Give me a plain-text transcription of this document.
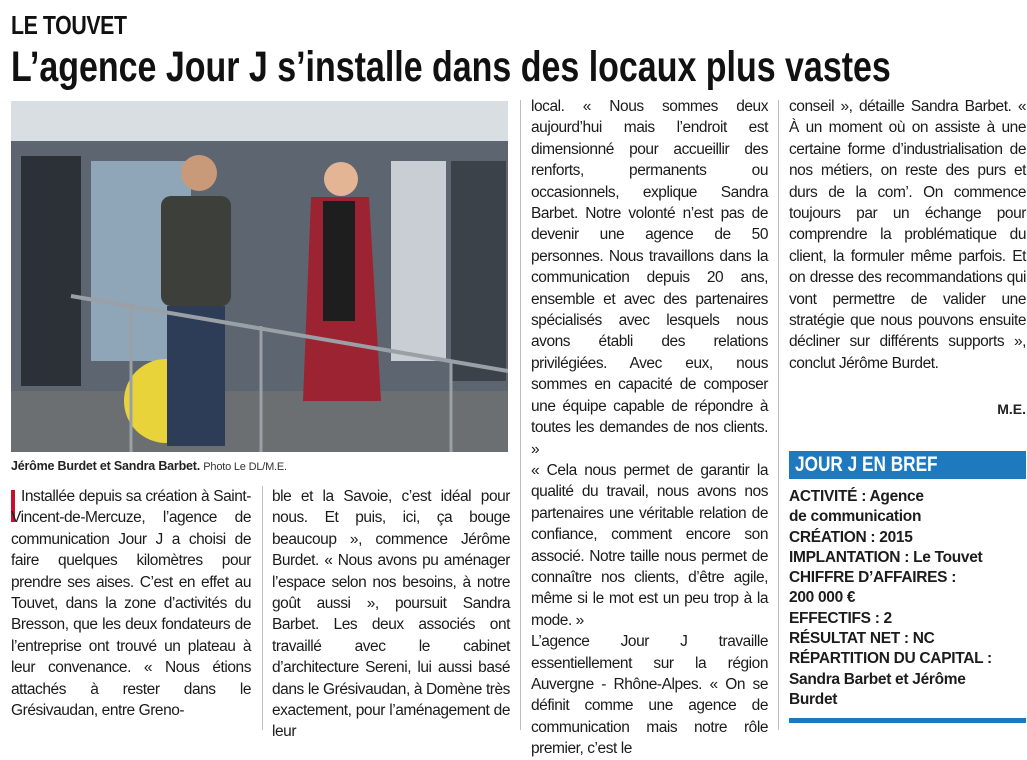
LE TOUVET
L’agence Jour J s’installe dans des locaux plus vastes
Jérôme Burdet et Sandra Barbet. Photo Le DL/M.E.

Installée depuis sa création à Saint-Vincent-de-Mercuze, l’agence de communication Jour J a choisi de faire quelques kilomètres pour prendre ses aises. C’est en effet au Touvet, dans la zone d’activités du Bresson, que les deux fondateurs de l’entreprise ont trouvé un plateau à leur convenance. « Nous étions attachés à rester dans le Grésivaudan, entre Greno-

ble et la Savoie, c’est idéal pour nous. Et puis, ici, ça bouge beaucoup », commence Jérôme Burdet. « Nous avons pu aménager l’espace selon nos besoins, à notre goût aussi », poursuit Sandra Barbet. Les deux associés ont travaillé avec le cabinet d’architecture Sereni, lui aussi basé dans le Grésivaudan, à Domène très exactement, pour l’aménagement de leur

local. « Nous sommes deux aujourd’hui mais l’endroit est dimensionné pour accueillir des renforts, permanents ou occasionnels, explique Sandra Barbet. Notre volonté n’est pas de devenir une agence de 50 personnes. Nous travaillons dans la communication depuis 20 ans, ensemble et avec des partenaires spécialisés avec lesquels nous avons établi des relations privilégiées. Avec eux, nous sommes en capacité de composer une équipe capable de répondre à toutes les demandes de nos clients. »

« Cela nous permet de garantir la qualité du travail, nous avons nos partenaires une véritable relation de confiance, comment encore son associé. Notre taille nous permet de connaître nos clients, d’être agile, même si le mot est un peu trop à la mode. »

L’agence Jour J travaille essentiellement sur la région Auvergne - Rhône-Alpes. « On se définit comme une agence de communication mais notre rôle premier, c’est le

conseil », détaille Sandra Barbet. « À un moment où on assiste à une certaine forme d’industrialisation de nos métiers, on reste des purs et durs de la com’. On commence toujours par un échange pour comprendre la problématique du client, la formuler même parfois. Et on dresse des recommandations qui vont permettre de valider une stratégie que nous pouvons ensuite décliner sur différents supports », conclut Jérôme Burdet.

M.E.
JOUR J EN BREF
ACTIVITÉ : Agence
de communication
CRÉATION : 2015
IMPLANTATION : Le Touvet
CHIFFRE D’AFFAIRES :
200 000 €
EFFECTIFS : 2
RÉSULTAT NET : NC
RÉPARTITION DU CAPITAL :
Sandra Barbet et Jérôme
Burdet
